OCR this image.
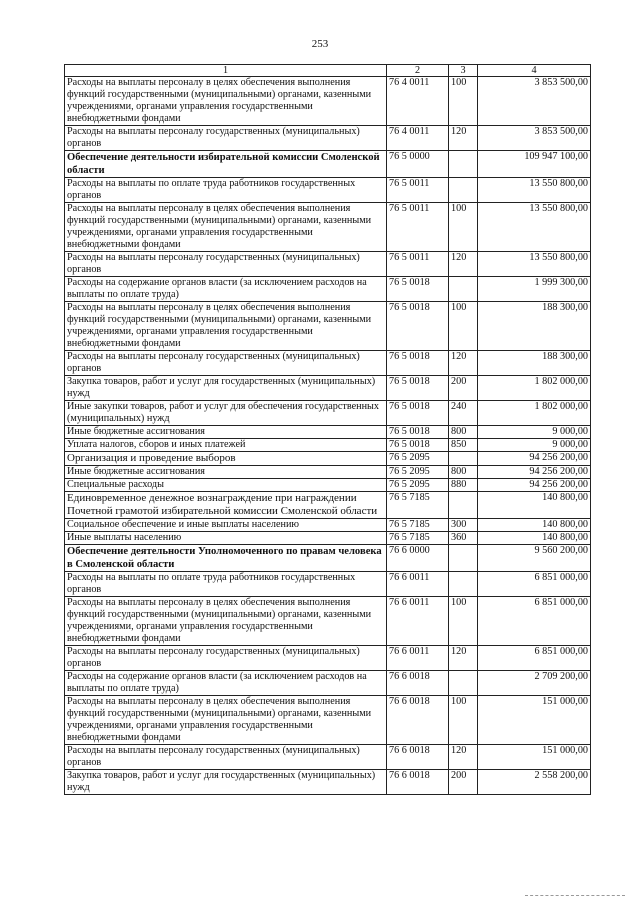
253
1	2	3	4
Расходы на выплаты персоналу в целях обеспечения выполнения функций государственными (муниципальными) органами, казенными учреждениями, органами управления государственными внебюджетными фондами	76 4 0011	100	3 853 500,00
Расходы на выплаты персоналу государственных (муниципальных) органов	76 4 0011	120	3 853 500,00
Обеспечение деятельности избирательной комиссии Смоленской области	76 5 0000		109 947 100,00
Расходы на выплаты по оплате труда работников государственных органов	76 5 0011		13 550 800,00
Расходы на выплаты персоналу в целях обеспечения выполнения функций государственными (муниципальными) органами, казенными учреждениями, органами управления государственными внебюджетными фондами	76 5 0011	100	13 550 800,00
Расходы на выплаты персоналу государственных (муниципальных) органов	76 5 0011	120	13 550 800,00
Расходы на содержание органов власти (за исключением расходов на выплаты по оплате труда)	76 5 0018		1 999 300,00
Расходы на выплаты персоналу в целях обеспечения выполнения функций государственными (муниципальными) органами, казенными учреждениями, органами управления государственными внебюджетными фондами	76 5 0018	100	188 300,00
Расходы на выплаты персоналу государственных (муниципальных) органов	76 5 0018	120	188 300,00
Закупка товаров, работ и услуг для государственных (муниципальных) нужд	76 5 0018	200	1 802 000,00
Иные закупки товаров, работ и услуг для обеспечения государственных (муниципальных) нужд	76 5 0018	240	1 802 000,00
Иные бюджетные ассигнования	76 5 0018	800	9 000,00
Уплата налогов, сборов и иных платежей	76 5 0018	850	9 000,00
Организация и проведение выборов	76 5 2095		94 256 200,00
Иные бюджетные ассигнования	76 5 2095	800	94 256 200,00
Специальные расходы	76 5 2095	880	94 256 200,00
Единовременное денежное вознаграждение при награждении Почетной грамотой избирательной комиссии Смоленской области	76 5 7185		140 800,00
Социальное обеспечение и иные выплаты населению	76 5 7185	300	140 800,00
Иные выплаты населению	76 5 7185	360	140 800,00
Обеспечение деятельности Уполномоченного по правам человека в Смоленской области	76 6 0000		9 560 200,00
Расходы на выплаты по оплате труда работников государственных органов	76 6 0011		6 851 000,00
Расходы на выплаты персоналу в целях обеспечения выполнения функций государственными (муниципальными) органами, казенными учреждениями, органами управления государственными внебюджетными фондами	76 6 0011	100	6 851 000,00
Расходы на выплаты персоналу государственных (муниципальных) органов	76 6 0011	120	6 851 000,00
Расходы на содержание органов власти (за исключением расходов на выплаты по оплате труда)	76 6 0018		2 709 200,00
Расходы на выплаты персоналу в целях обеспечения выполнения функций государственными (муниципальными) органами, казенными учреждениями, органами управления государственными внебюджетными фондами	76 6 0018	100	151 000,00
Расходы на выплаты персоналу государственных (муниципальных) органов	76 6 0018	120	151 000,00
Закупка товаров, работ и услуг для государственных (муниципальных) нужд	76 6 0018	200	2 558 200,00
